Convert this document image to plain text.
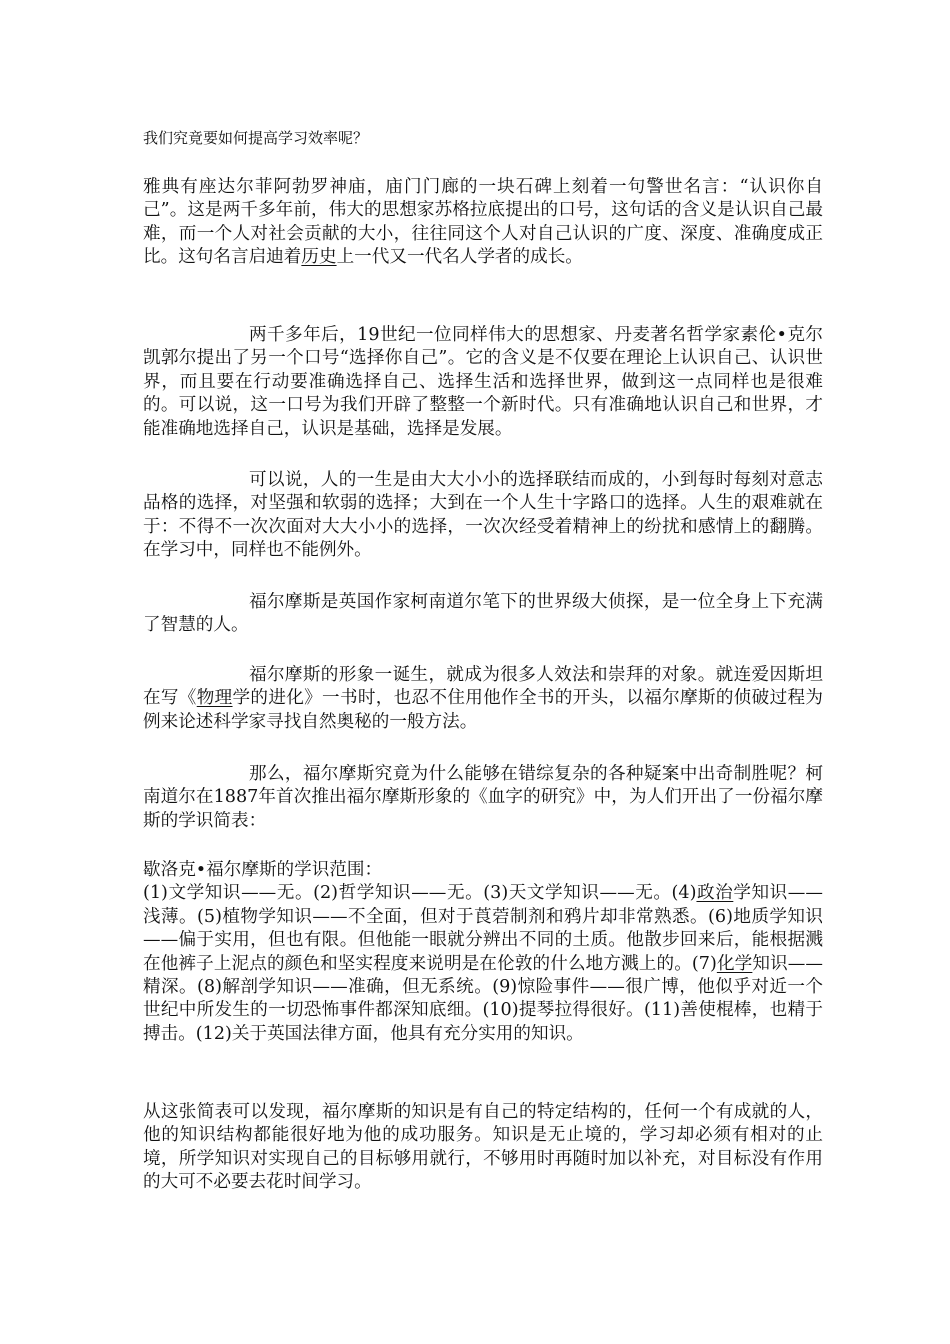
我们究竟要如何提高学习效率呢？

雅典有座达尔菲阿勃罗神庙，庙门门廊的一块石碑上刻着一句警世名言：“认识你自己”。这是两千多年前，伟大的思想家苏格拉底提出的口号，这句话的含义是认识自己最难，而一个人对社会贡献的大小，往往同这个人对自己认识的广度、深度、准确度成正比。这句名言启迪着历史上一代又一代名人学者的成长。

两千多年后，19世纪一位同样伟大的思想家、丹麦著名哲学家素伦•克尔凯郭尔提出了另一个口号“选择你自己”。它的含义是不仅要在理论上认识自己、认识世界，而且要在行动要准确选择自己、选择生活和选择世界，做到这一点同样也是很难的。可以说，这一口号为我们开辟了整整一个新时代。只有准确地认识自己和世界，才能准确地选择自己，认识是基础，选择是发展。

可以说，人的一生是由大大小小的选择联结而成的，小到每时每刻对意志品格的选择，对坚强和软弱的选择；大到在一个人生十字路口的选择。人生的艰难就在于：不得不一次次面对大大小小的选择，一次次经受着精神上的纷扰和感情上的翻腾。在学习中，同样也不能例外。

福尔摩斯是英国作家柯南道尔笔下的世界级大侦探，是一位全身上下充满了智慧的人。

福尔摩斯的形象一诞生，就成为很多人效法和崇拜的对象。就连爱因斯坦在写《物理学的进化》一书时，也忍不住用他作全书的开头，以福尔摩斯的侦破过程为例来论述科学家寻找自然奥秘的一般方法。

那么，福尔摩斯究竟为什么能够在错综复杂的各种疑案中出奇制胜呢？柯南道尔在1887年首次推出福尔摩斯形象的《血字的研究》中，为人们开出了一份福尔摩斯的学识简表：

歇洛克•福尔摩斯的学识范围：
(1)文学知识——无。(2)哲学知识——无。(3)天文学知识——无。(4)政治学知识——浅薄。(5)植物学知识——不全面，但对于莨菪制剂和鸦片却非常熟悉。(6)地质学知识——偏于实用，但也有限。但他能一眼就分辨出不同的土质。他散步回来后，能根据溅在他裤子上泥点的颜色和坚实程度来说明是在伦敦的什么地方溅上的。(7)化学知识——精深。(8)解剖学知识——准确，但无系统。(9)惊险事件——很广博，他似乎对近一个世纪中所发生的一切恐怖事件都深知底细。(10)提琴拉得很好。(11)善使棍棒，也精于搏击。(12)关于英国法律方面，他具有充分实用的知识。

从这张简表可以发现，福尔摩斯的知识是有自己的特定结构的，任何一个有成就的人，他的知识结构都能很好地为他的成功服务。知识是无止境的，学习却必须有相对的止境，所学知识对实现自己的目标够用就行，不够用时再随时加以补充，对目标没有作用的大可不必要去花时间学习。
